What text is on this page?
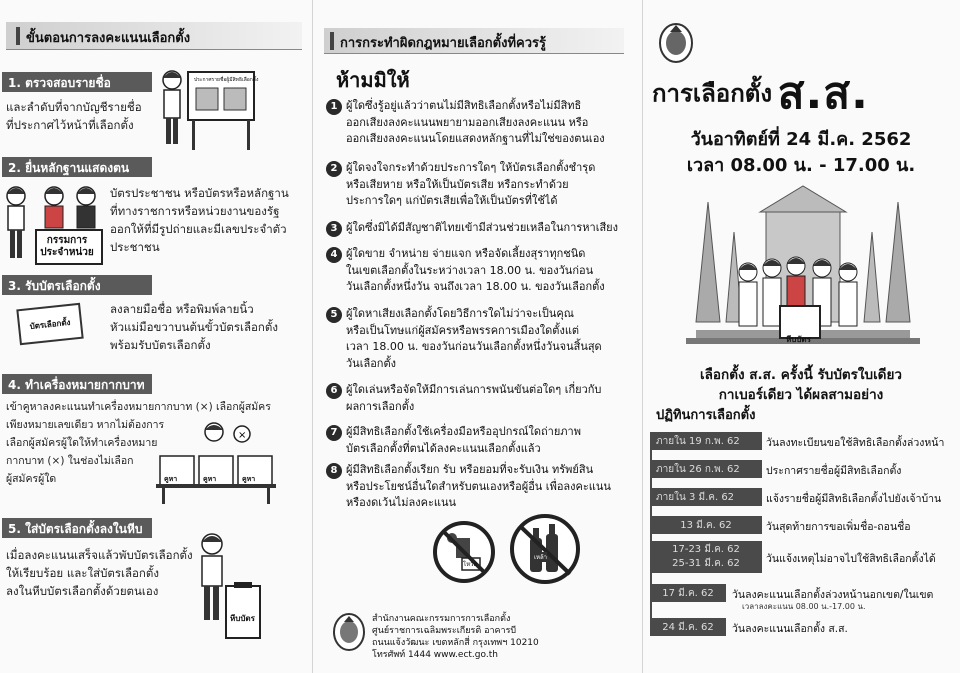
ขั้นตอนการลงคะแนนเลือกตั้ง
1. ตรวจสอบรายชื่อ
และลำดับที่จากบัญชีรายชื่อ
ที่ประกาศไว้หน้าที่เลือกตั้ง
ประกาศรายชื่อผู้มีสิทธิเลือกตั้ง
2. ยื่นหลักฐานแสดงตน
กรรมการ
ประจำหน่วย
บัตรประชาชน หรือบัตรหรือหลักฐาน
ที่ทางราชการหรือหน่วยงานของรัฐ
ออกให้ที่มีรูปถ่ายและมีเลขประจำตัว
ประชาชน
3. รับบัตรเลือกตั้ง
บัตรเลือกตั้ง
ลงลายมือชื่อ หรือพิมพ์ลายนิ้ว
หัวแม่มือขวาบนต้นขั้วบัตรเลือกตั้ง
พร้อมรับบัตรเลือกตั้ง
4. ทำเครื่องหมายกากบาท
เข้าคูหาลงคะแนนทำเครื่องหมายกากบาท (×) เลือกผู้สมัคร
เพียงหมายเลขเดียว หากไม่ต้องการ
เลือกผู้สมัครผู้ใดให้ทำเครื่องหมาย
กากบาท (×) ในช่องไม่เลือก
ผู้สมัครผู้ใด
×
คูหา	คูหา	คูหา
5. ใส่บัตรเลือกตั้งลงในหีบ
เมื่อลงคะแนนเสร็จแล้วพับบัตรเลือกตั้ง
ให้เรียบร้อย และใส่บัตรเลือกตั้ง
ลงในหีบบัตรเลือกตั้งด้วยตนเอง
หีบบัตร
การกระทำผิดกฎหมายเลือกตั้งที่ควรรู้
ห้ามมิให้
1 ผู้ใดซึ่งรู้อยู่แล้วว่าตนไม่มีสิทธิเลือกตั้งหรือไม่มีสิทธิ
ออกเสียงลงคะแนนพยายามออกเสียงลงคะแนน หรือ
ออกเสียงลงคะแนนโดยแสดงหลักฐานที่ไม่ใช่ของตนเอง
2 ผู้ใดจงใจกระทำด้วยประการใดๆ ให้บัตรเลือกตั้งชำรุด
หรือเสียหาย หรือให้เป็นบัตรเสีย หรือกระทำด้วย
ประการใดๆ แก่บัตรเสียเพื่อให้เป็นบัตรที่ใช้ได้
3 ผู้ใดซึ่งมิได้มีสัญชาติไทยเข้ามีส่วนช่วยเหลือในการหาเสียง
4 ผู้ใดขาย จำหน่าย จ่ายแจก หรือจัดเลี้ยงสุราทุกชนิด
ในเขตเลือกตั้งในระหว่างเวลา 18.00 น. ของวันก่อน
วันเลือกตั้งหนึ่งวัน จนถึงเวลา 18.00 น. ของวันเลือกตั้ง
5 ผู้ใดหาเสียงเลือกตั้งโดยวิธีการใดไม่ว่าจะเป็นคุณ
หรือเป็นโทษแก่ผู้สมัครหรือพรรคการเมืองใดตั้งแต่
เวลา 18.00 น. ของวันก่อนวันเลือกตั้งหนึ่งวันจนสิ้นสุด
วันเลือกตั้ง
6 ผู้ใดเล่นหรือจัดให้มีการเล่นการพนันขันต่อใดๆ เกี่ยวกับ
ผลการเลือกตั้ง
7 ผู้มีสิทธิเลือกตั้งใช้เครื่องมือหรืออุปกรณ์ใดถ่ายภาพ
บัตรเลือกตั้งที่ตนได้ลงคะแนนเลือกตั้งแล้ว
8 ผู้มีสิทธิเลือกตั้งเรียก รับ หรือยอมที่จะรับเงิน ทรัพย์สิน
หรือประโยชน์อื่นใดสำหรับตนเองหรือผู้อื่น เพื่อลงคะแนน
หรืองดเว้นไม่ลงคะแนน
โหวต
เหล้า
สำนักงานคณะกรรมการการเลือกตั้ง
ศูนย์ราชการเฉลิมพระเกียรติ อาคารบี
ถนนแจ้งวัฒนะ เขตหลักสี่ กรุงเทพฯ 10210
โทรศัพท์ 1444 www.ect.go.th
การเลือกตั้ง ส.ส.
วันอาทิตย์ที่ 24 มี.ค. 2562
เวลา 08.00 น. - 17.00 น.
หีบบัตร
เลือกตั้ง ส.ส. ครั้งนี้ รับบัตรใบเดียว
กาเบอร์เดียว ได้ผลสามอย่าง
ปฏิทินการเลือกตั้ง
ภายใน 19 ก.พ. 62	วันลงทะเบียนขอใช้สิทธิเลือกตั้งล่วงหน้า
ภายใน 26 ก.พ. 62	ประกาศรายชื่อผู้มีสิทธิเลือกตั้ง
ภายใน 3 มี.ค. 62	แจ้งรายชื่อผู้มีสิทธิเลือกตั้งไปยังเจ้าบ้าน
13 มี.ค. 62	วันสุดท้ายการขอเพิ่มชื่อ-ถอนชื่อ
17-23 มี.ค. 62
25-31 มี.ค. 62	วันแจ้งเหตุไม่อาจไปใช้สิทธิเลือกตั้งได้
17 มี.ค. 62	วันลงคะแนนเลือกตั้งล่วงหน้านอกเขต/ในเขต
เวลาลงคะแนน 08.00 น.-17.00 น.
24 มี.ค. 62	วันลงคะแนนเลือกตั้ง ส.ส.
